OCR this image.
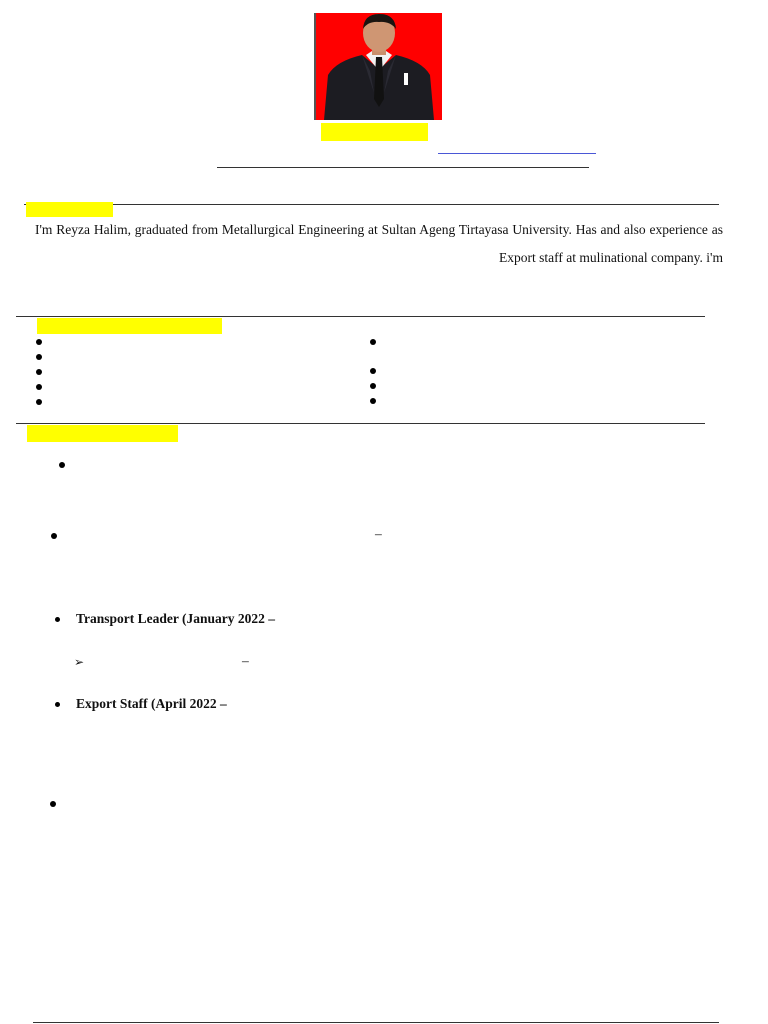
I'm Reyza Halim, graduated from Metallurgical Engineering at Sultan Ageng Tirtayasa University. Has and also experience as Export staff at mulinational company. i'm
–
Transport Leader (January 2022 –
➢	–
Export Staff (April 2022 –
